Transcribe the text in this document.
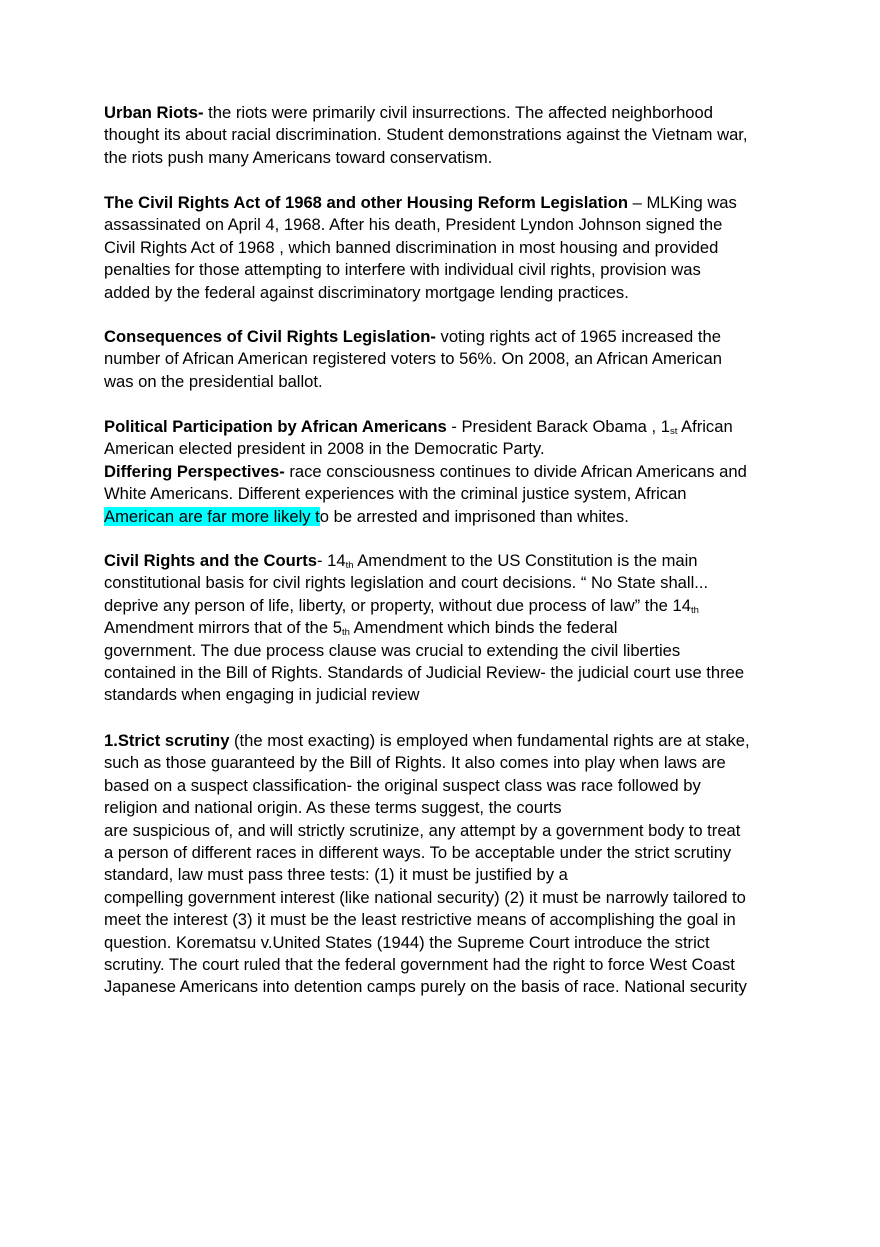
Urban Riots- the riots were primarily civil insurrections. The affected neighborhood
thought its about racial discrimination. Student demonstrations against the Vietnam war,
the riots push many Americans toward conservatism.
The Civil Rights Act of 1968 and other Housing Reform Legislation – MLKing was
assassinated on April 4, 1968. After his death, President Lyndon Johnson signed the
Civil Rights Act of 1968 , which banned discrimination in most housing and provided
penalties for those attempting to interfere with individual civil rights, provision was
added by the federal against discriminatory mortgage lending practices.
Consequences of Civil Rights Legislation- voting rights act of 1965 increased the
number of African American registered voters to 56%. On 2008, an African American
was on the presidential ballot.
Political Participation by African Americans - President Barack Obama , $1_{st}$ African
American elected president in 2008 in the Democratic Party.
Differing Perspectives- race consciousness continues to divide African Americans and
White Americans. Different experiences with the criminal justice system, African
American are far more likely to be arrested and imprisoned than whites.
Civil Rights and the Courts- $14_{th}$ Amendment to the US Constitution is the main
constitutional basis for civil rights legislation and court decisions. “ No State shall...
deprive any person of life, liberty, or property, without due process of law” the $14_{th}$
Amendment mirrors that of the $5_{th}$ Amendment which binds the federal
government. The due process clause was crucial to extending the civil liberties
contained in the Bill of Rights. Standards of Judicial Review- the judicial court use three
standards when engaging in judicial review
1.Strict scrutiny (the most exacting) is employed when fundamental rights are at stake,
such as those guaranteed by the Bill of Rights. It also comes into play when laws are
based on a suspect classification- the original suspect class was race followed by
religion and national origin. As these terms suggest, the courts
are suspicious of, and will strictly scrutinize, any attempt by a government body to treat
a person of different races in different ways. To be acceptable under the strict scrutiny
standard, law must pass three tests: (1) it must be justified by a
compelling government interest (like national security) (2) it must be narrowly tailored to
meet the interest (3) it must be the least restrictive means of accomplishing the goal in
question. Korematsu v.United States (1944) the Supreme Court introduce the strict
scrutiny. The court ruled that the federal government had the right to force West Coast
Japanese Americans into detention camps purely on the basis of race. National security
